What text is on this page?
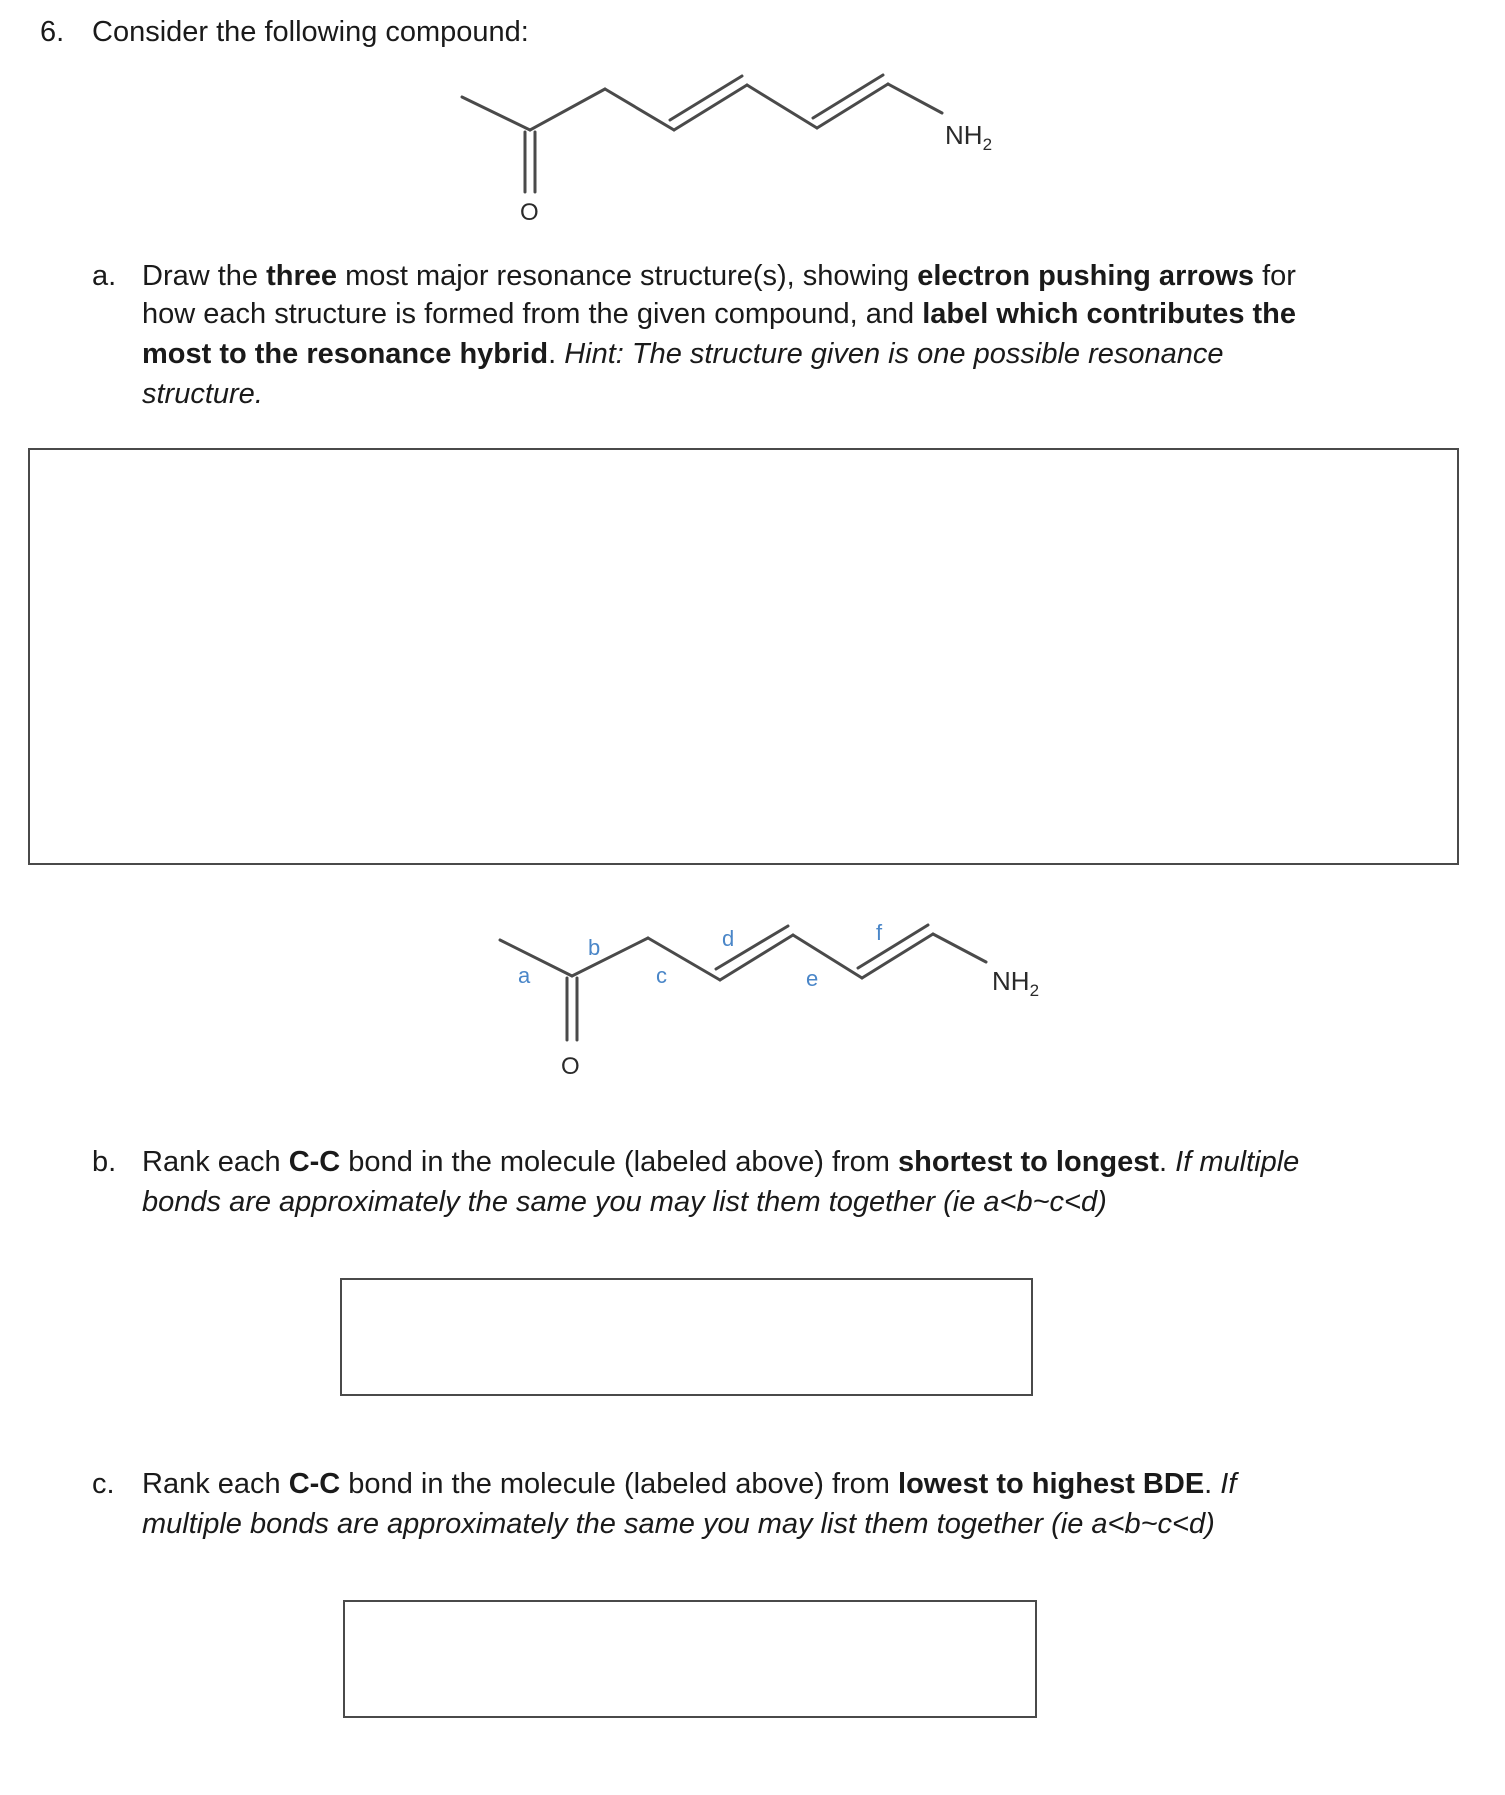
6. Consider the following compound:
$NH_2$
O
a. Draw the three most major resonance structure(s), showing electron pushing arrows for
how each structure is formed from the given compound, and label which contributes the
most to the resonance hybrid. Hint: The structure given is one possible resonance
structure.
a
b
c
d
e
f
$NH_2$
O
b. Rank each C-C bond in the molecule (labeled above) from shortest to longest. If multiple
bonds are approximately the same you may list them together (ie a<b~c<d)
c. Rank each C-C bond in the molecule (labeled above) from lowest to highest BDE. If
multiple bonds are approximately the same you may list them together (ie a<b~c<d)
